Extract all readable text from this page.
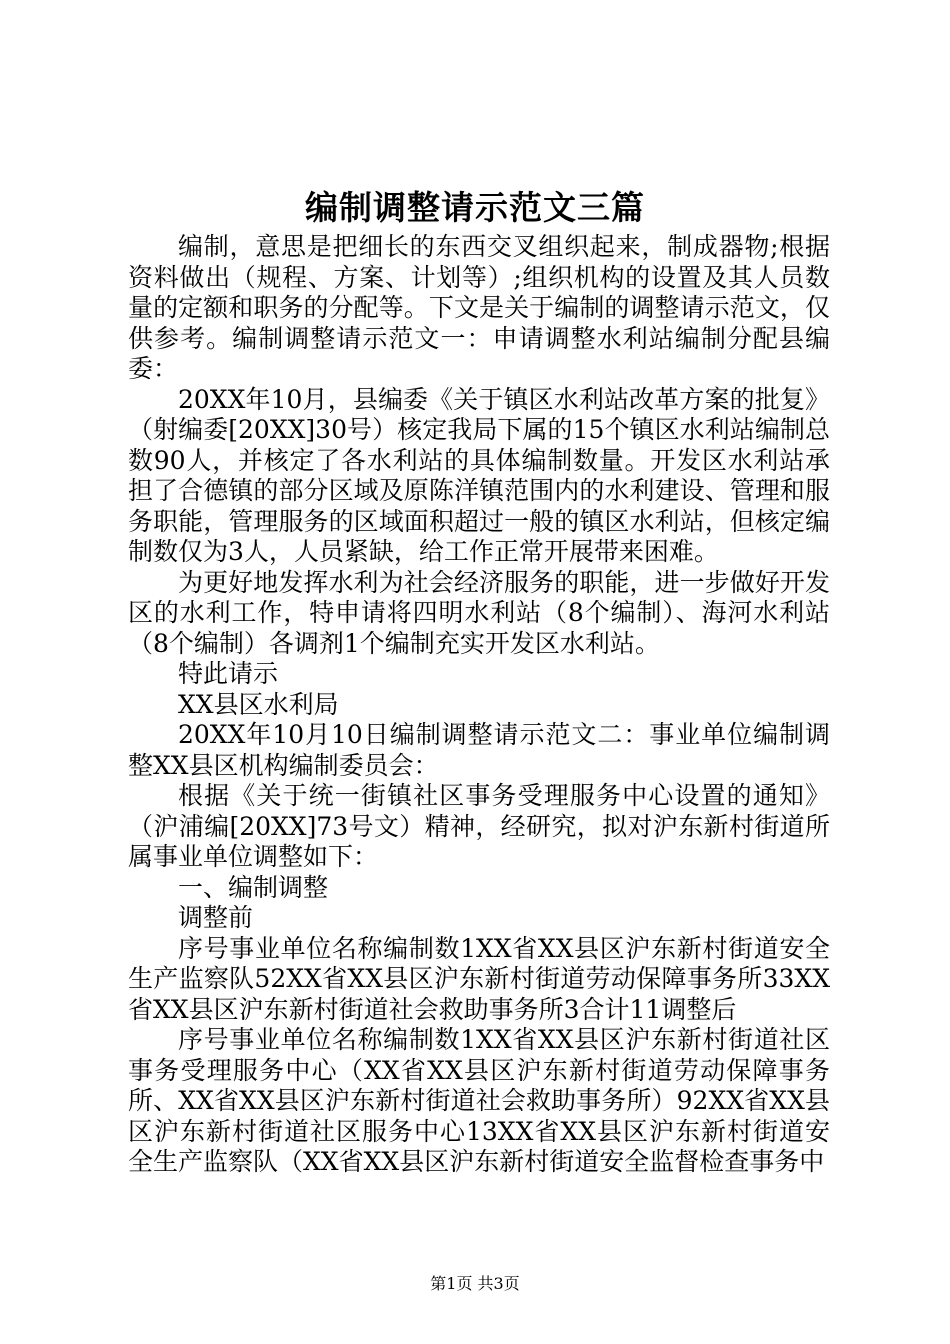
编制调整请示范文三篇

编制，意思是把细长的东西交叉组织起来，制成器物;根据资料做出（规程、方案、计划等）;组织机构的设置及其人员数量的定额和职务的分配等。下文是关于编制的调整请示范文，仅供参考。编制调整请示范文一：申请调整水利站编制分配县编委：

20XX年10月，县编委《关于镇区水利站改革方案的批复》（射编委[20XX]30号）核定我局下属的15个镇区水利站编制总数90人，并核定了各水利站的具体编制数量。开发区水利站承担了合德镇的部分区域及原陈洋镇范围内的水利建设、管理和服务职能，管理服务的区域面积超过一般的镇区水利站，但核定编制数仅为3人，人员紧缺，给工作正常开展带来困难。

为更好地发挥水利为社会经济服务的职能，进一步做好开发区的水利工作，特申请将四明水利站（8个编制）、海河水利站（8个编制）各调剂1个编制充实开发区水利站。

特此请示

XX县区水利局

20XX年10月10日编制调整请示范文二：事业单位编制调整XX县区机构编制委员会：

根据《关于统一街镇社区事务受理服务中心设置的通知》（沪浦编[20XX]73号文）精神，经研究，拟对沪东新村街道所属事业单位调整如下：

一、编制调整

调整前

序号事业单位名称编制数1XX省XX县区沪东新村街道安全生产监察队52XX省XX县区沪东新村街道劳动保障事务所33XX省XX县区沪东新村街道社会救助事务所3合计11调整后

序号事业单位名称编制数1XX省XX县区沪东新村街道社区事务受理服务中心（XX省XX县区沪东新村街道劳动保障事务所、XX省XX县区沪东新村街道社会救助事务所）92XX省XX县区沪东新村街道社区服务中心13XX省XX县区沪东新村街道安全生产监察队（XX省XX县区沪东新村街道安全监督检查事务中

第1页 共3页
